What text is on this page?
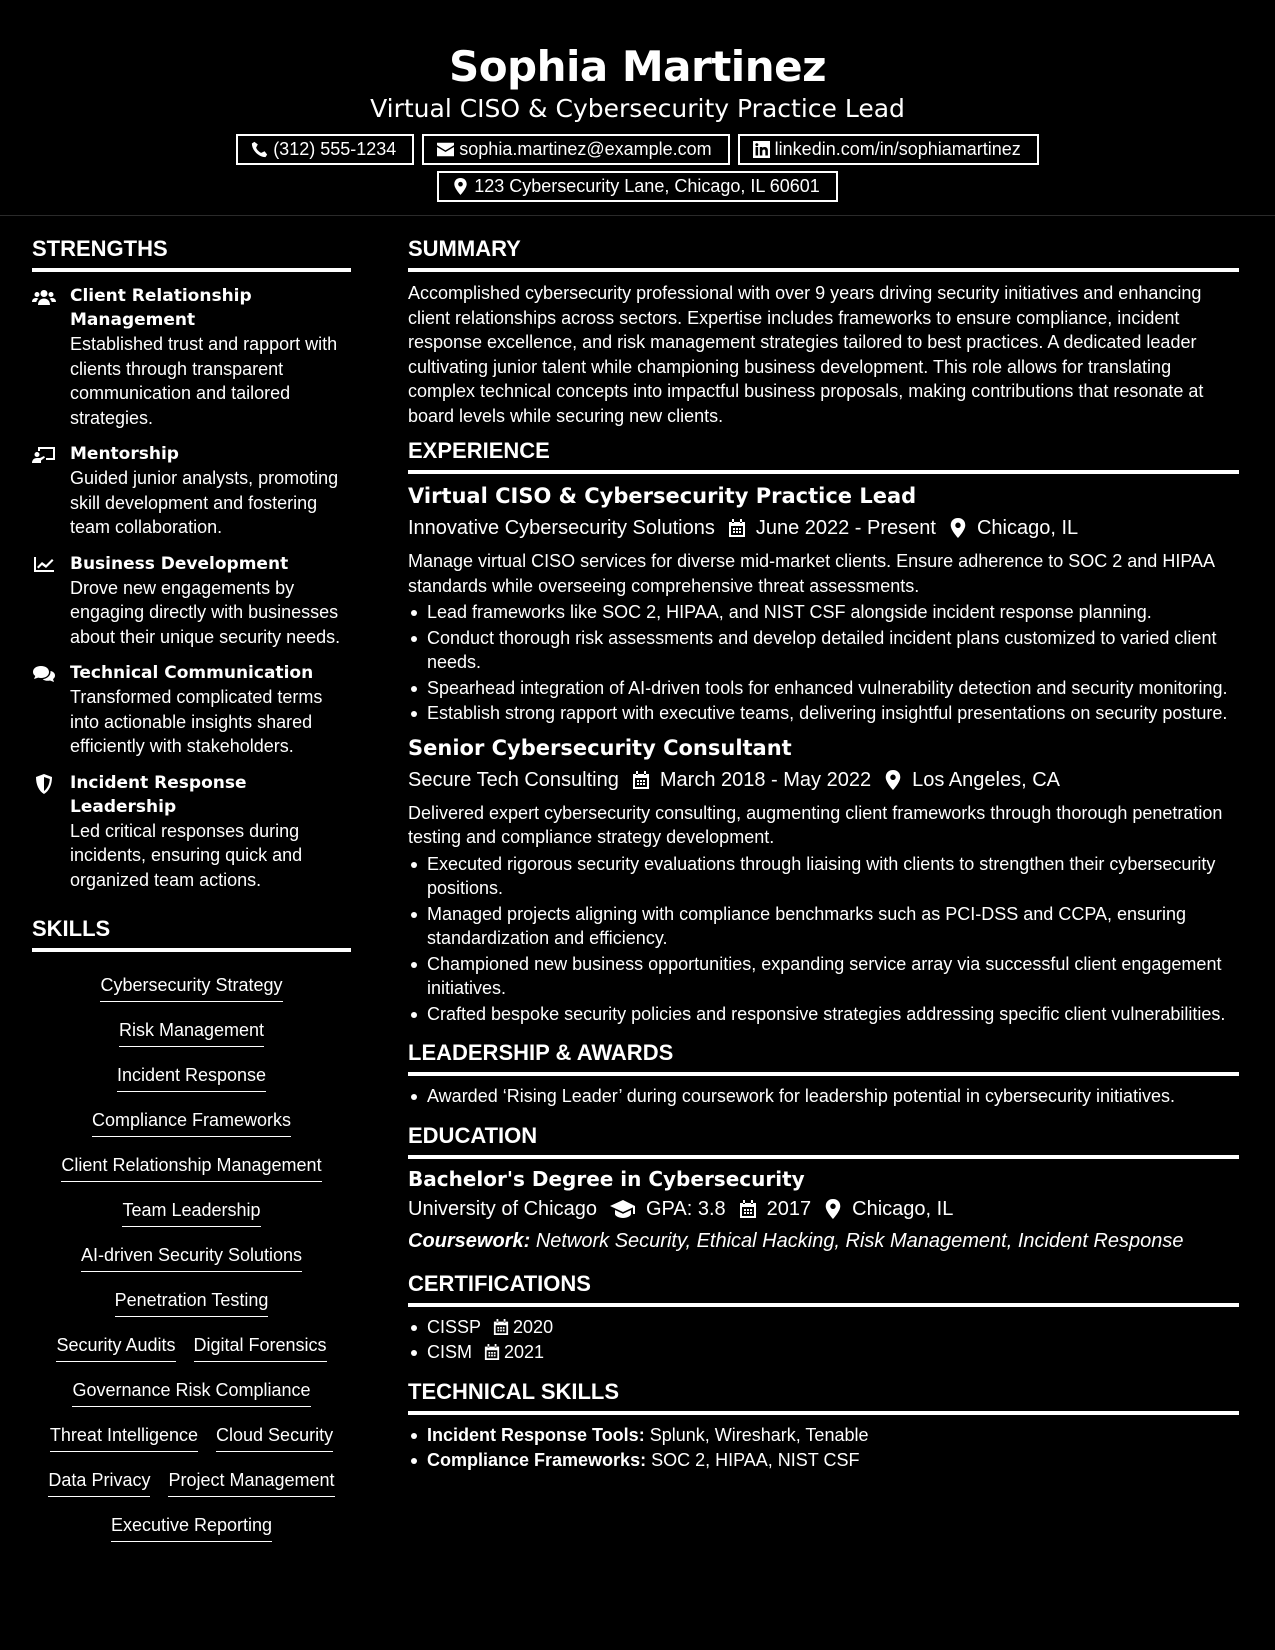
Sophia Martinez
Virtual CISO & Cybersecurity Practice Lead
(312) 555-1234	sophia.martinez@example.com	linkedin.com/in/sophiamartinez
123 Cybersecurity Lane, Chicago, IL 60601
STRENGTHS
Client Relationship Management
Established trust and rapport with clients through transparent communication and tailored strategies.
Mentorship
Guided junior analysts, promoting skill development and fostering team collaboration.
Business Development
Drove new engagements by engaging directly with businesses about their unique security needs.
Technical Communication
Transformed complicated terms into actionable insights shared efficiently with stakeholders.
Incident Response Leadership
Led critical responses during incidents, ensuring quick and organized team actions.
SKILLS
Cybersecurity Strategy
Risk Management
Incident Response
Compliance Frameworks
Client Relationship Management
Team Leadership
AI-driven Security Solutions
Penetration Testing
Security Audits Digital Forensics
Governance Risk Compliance
Threat Intelligence Cloud Security
Data Privacy Project Management
Executive Reporting
SUMMARY
Accomplished cybersecurity professional with over 9 years driving security initiatives and enhancing client relationships across sectors. Expertise includes frameworks to ensure compliance, incident response excellence, and risk management strategies tailored to best practices. A dedicated leader cultivating junior talent while championing business development. This role allows for translating complex technical concepts into impactful business proposals, making contributions that resonate at board levels while securing new clients.
EXPERIENCE
Virtual CISO & Cybersecurity Practice Lead
Innovative Cybersecurity Solutions June 2022 - Present Chicago, IL
Manage virtual CISO services for diverse mid-market clients. Ensure adherence to SOC 2 and HIPAA standards while overseeing comprehensive threat assessments.
Lead frameworks like SOC 2, HIPAA, and NIST CSF alongside incident response planning.
Conduct thorough risk assessments and develop detailed incident plans customized to varied client needs.
Spearhead integration of AI-driven tools for enhanced vulnerability detection and security monitoring.
Establish strong rapport with executive teams, delivering insightful presentations on security posture.
Senior Cybersecurity Consultant
Secure Tech Consulting March 2018 - May 2022 Los Angeles, CA
Delivered expert cybersecurity consulting, augmenting client frameworks through thorough penetration testing and compliance strategy development.
Executed rigorous security evaluations through liaising with clients to strengthen their cybersecurity positions.
Managed projects aligning with compliance benchmarks such as PCI-DSS and CCPA, ensuring standardization and efficiency.
Championed new business opportunities, expanding service array via successful client engagement initiatives.
Crafted bespoke security policies and responsive strategies addressing specific client vulnerabilities.
LEADERSHIP & AWARDS
Awarded ‘Rising Leader’ during coursework for leadership potential in cybersecurity initiatives.
EDUCATION
Bachelor's Degree in Cybersecurity
University of Chicago GPA: 3.8 2017 Chicago, IL
Coursework: Network Security, Ethical Hacking, Risk Management, Incident Response
CERTIFICATIONS
CISSP 2020
CISM 2021
TECHNICAL SKILLS
Incident Response Tools: Splunk, Wireshark, Tenable
Compliance Frameworks: SOC 2, HIPAA, NIST CSF
